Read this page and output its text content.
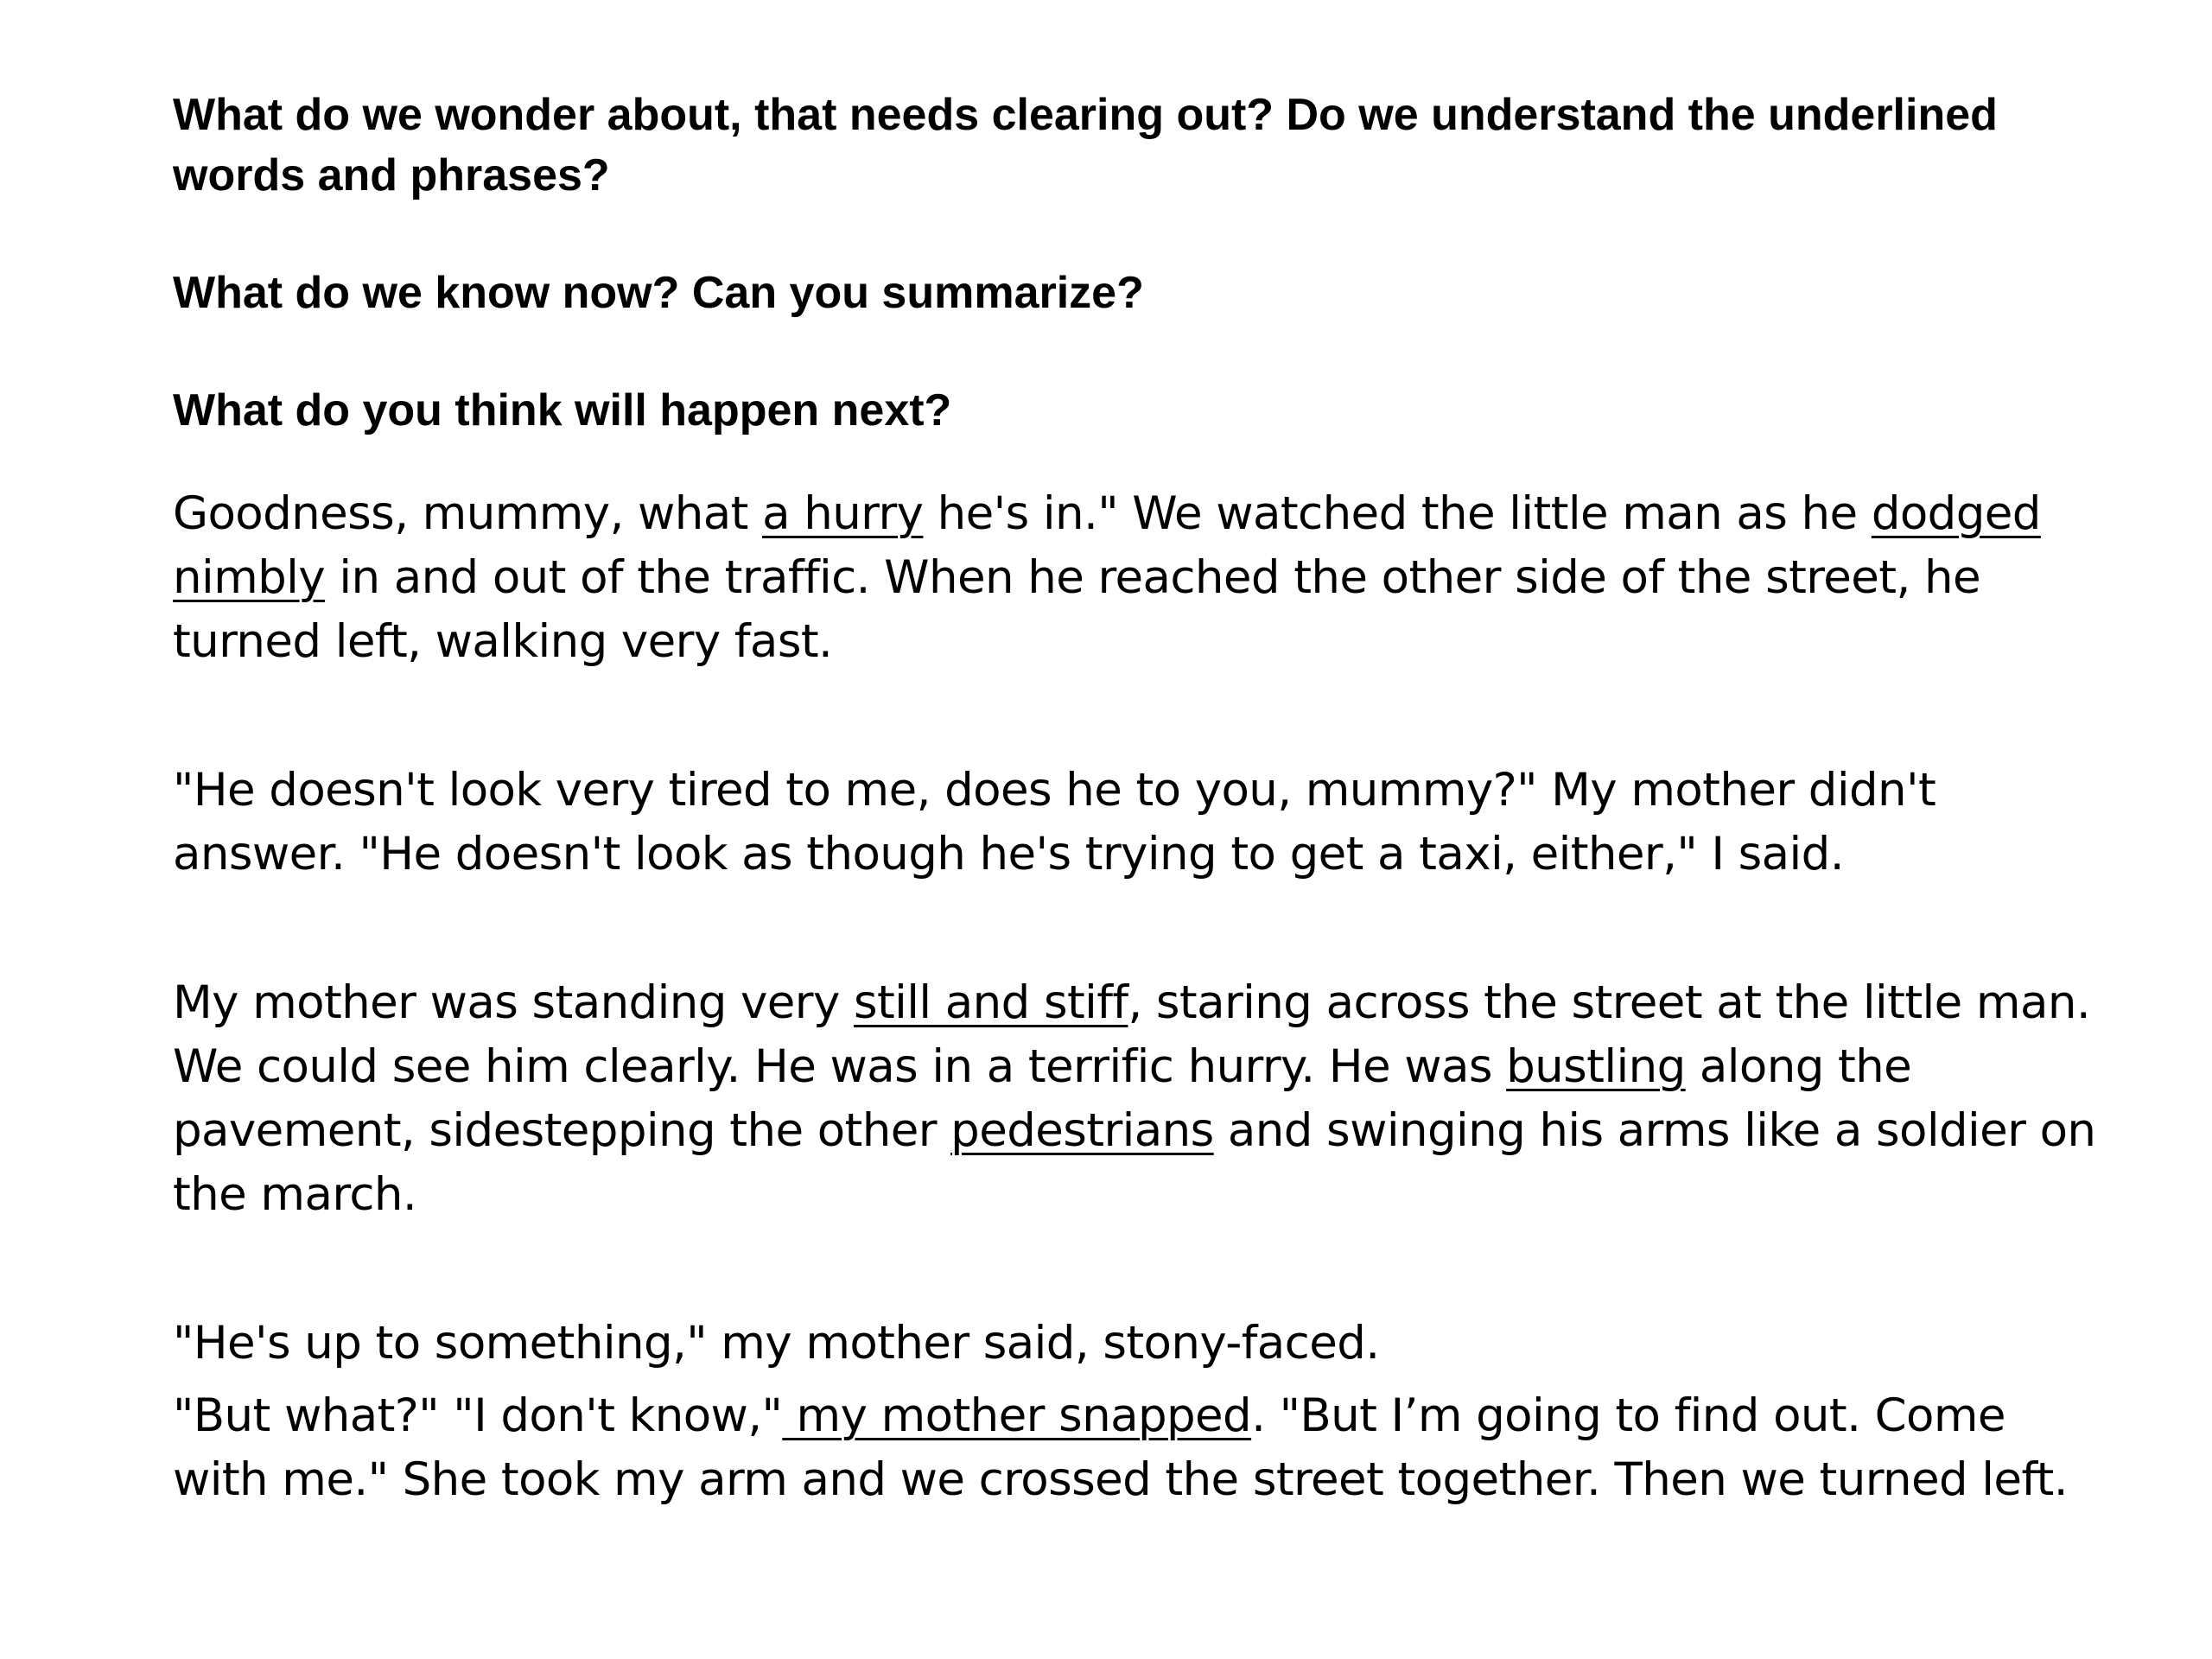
What do we wonder about, that needs clearing out? Do we understand the underlined words and phrases?

What do we know now? Can you summarize?

What do you think will happen next?

Goodness, mummy, what a hurry he's in." We watched the little man as he dodged nimbly in and out of the traffic. When he reached the other side of the street, he turned left, walking very fast.

"He doesn't look very tired to me, does he to you, mummy?" My mother didn't answer. "He doesn't look as though he's trying to get a taxi, either," I said.

My mother was standing very still and stiff, staring across the street at the little man. We could see him clearly. He was in a terrific hurry. He was bustling along the pavement, sidestepping the other pedestrians and swinging his arms like a soldier on the march.

"He's up to something," my mother said, stony-faced.

"But what?" "I don't know," my mother snapped. "But I’m going to find out. Come with me." She took my arm and we crossed the street together. Then we turned left.
